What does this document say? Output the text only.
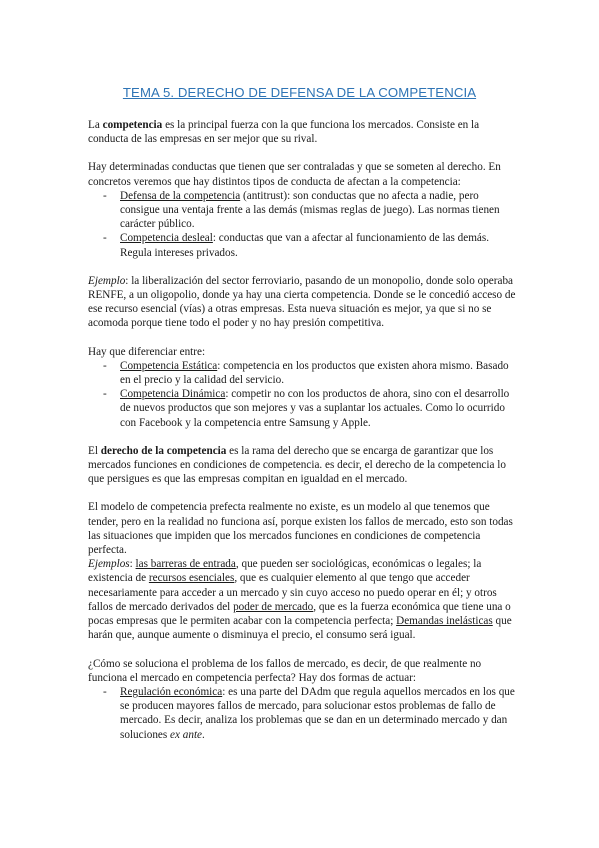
TEMA 5. DERECHO DE DEFENSA DE LA COMPETENCIA

La competencia es la principal fuerza con la que funciona los mercados. Consiste en la conducta de las empresas en ser mejor que su rival.

Hay determinadas conductas que tienen que ser contraladas y que se someten al derecho. En concretos veremos que hay distintos tipos de conducta de afectan a la competencia:

- Defensa de la competencia (antitrust): son conductas que no afecta a nadie, pero consigue una ventaja frente a las demás (mismas reglas de juego). Las normas tienen carácter público.
- Competencia desleal: conductas que van a afectar al funcionamiento de las demás. Regula intereses privados.

Ejemplo: la liberalización del sector ferroviario, pasando de un monopolio, donde solo operaba RENFE, a un oligopolio, donde ya hay una cierta competencia. Donde se le concedió acceso de ese recurso esencial (vías) a otras empresas. Esta nueva situación es mejor, ya que si no se acomoda porque tiene todo el poder y no hay presión competitiva.

Hay que diferenciar entre:

- Competencia Estática: competencia en los productos que existen ahora mismo. Basado en el precio y la calidad del servicio.
- Competencia Dinámica: competir no con los productos de ahora, sino con el desarrollo de nuevos productos que son mejores y vas a suplantar los actuales. Como lo ocurrido con Facebook y la competencia entre Samsung y Apple.

El derecho de la competencia es la rama del derecho que se encarga de garantizar que los mercados funciones en condiciones de competencia. es decir, el derecho de la competencia lo que persigues es que las empresas compitan en igualdad en el mercado.

El modelo de competencia prefecta realmente no existe, es un modelo al que tenemos que tender, pero en la realidad no funciona así, porque existen los fallos de mercado, esto son todas las situaciones que impiden que los mercados funciones en condiciones de competencia perfecta.

Ejemplos: las barreras de entrada, que pueden ser sociológicas, económicas o legales; la existencia de recursos esenciales, que es cualquier elemento al que tengo que acceder necesariamente para acceder a un mercado y sin cuyo acceso no puedo operar en él; y otros fallos de mercado derivados del poder de mercado, que es la fuerza económica que tiene una o pocas empresas que le permiten acabar con la competencia perfecta; Demandas inelásticas que harán que, aunque aumente o disminuya el precio, el consumo será igual.

¿Cómo se soluciona el problema de los fallos de mercado, es decir, de que realmente no funciona el mercado en competencia perfecta? Hay dos formas de actuar:

- Regulación económica: es una parte del DAdm que regula aquellos mercados en los que se producen mayores fallos de mercado, para solucionar estos problemas de fallo de mercado. Es decir, analiza los problemas que se dan en un determinado mercado y dan soluciones ex ante.
